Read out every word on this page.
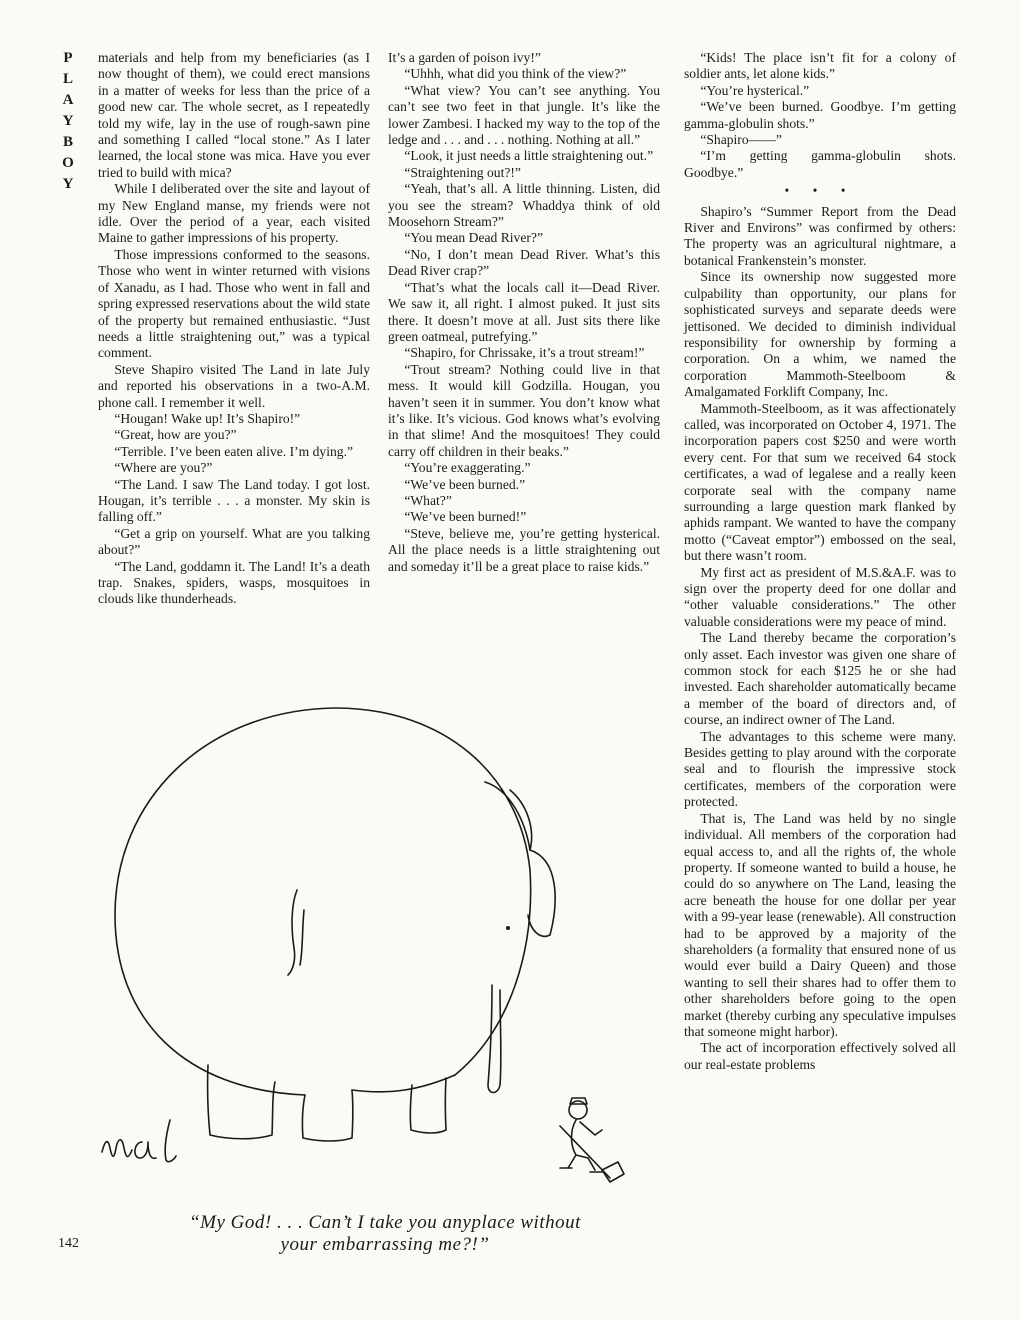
P
L
A
Y
B
O
Y

materials and help from my beneficiaries (as I now thought of them), we could erect mansions in a matter of weeks for less than the price of a good new car. The whole secret, as I repeatedly told my wife, lay in the use of rough-sawn pine and something I called “local stone.” As I later learned, the local stone was mica. Have you ever tried to build with mica?

While I deliberated over the site and layout of my New England manse, my friends were not idle. Over the period of a year, each visited Maine to gather impressions of his property.

Those impressions conformed to the seasons. Those who went in winter returned with visions of Xanadu, as I had. Those who went in fall and spring expressed reservations about the wild state of the property but remained enthusiastic. “Just needs a little straightening out,” was a typical comment.

Steve Shapiro visited The Land in late July and reported his observations in a two-A.M. phone call. I remember it well.

“Hougan! Wake up! It’s Shapiro!”

“Great, how are you?”

“Terrible. I’ve been eaten alive. I’m dying.”

“Where are you?”

“The Land. I saw The Land today. I got lost. Hougan, it’s terrible . . . a monster. My skin is falling off.”

“Get a grip on yourself. What are you talking about?”

“The Land, goddamn it. The Land! It’s a death trap. Snakes, spiders, wasps, mosquitoes in clouds like thunderheads.

It’s a garden of poison ivy!”

“Uhhh, what did you think of the view?”

“What view? You can’t see anything. You can’t see two feet in that jungle. It’s like the lower Zambesi. I hacked my way to the top of the ledge and . . . and . . . nothing. Nothing at all.”

“Look, it just needs a little straightening out.”

“Straightening out?!”

“Yeah, that’s all. A little thinning. Listen, did you see the stream? Whaddya think of old Moosehorn Stream?”

“You mean Dead River?”

“No, I don’t mean Dead River. What’s this Dead River crap?”

“That’s what the locals call it—Dead River. We saw it, all right. I almost puked. It just sits there. It doesn’t move at all. Just sits there like green oatmeal, putrefying.”

“Shapiro, for Chrissake, it’s a trout stream!”

“Trout stream? Nothing could live in that mess. It would kill Godzilla. Hougan, you haven’t seen it in summer. You don’t know what it’s like. It’s vicious. God knows what’s evolving in that slime! And the mosquitoes! They could carry off children in their beaks.”

“You’re exaggerating.”

“We’ve been burned.”

“What?”

“We’ve been burned!”

“Steve, believe me, you’re getting hysterical. All the place needs is a little straightening out and someday it’ll be a great place to raise kids.”

“Kids! The place isn’t fit for a colony of soldier ants, let alone kids.”

“You’re hysterical.”

“We’ve been burned. Goodbye. I’m getting gamma-globulin shots.”

“Shapiro——”

“I’m getting gamma-globulin shots. Goodbye.”

• • •

Shapiro’s “Summer Report from the Dead River and Environs” was confirmed by others: The property was an agricultural nightmare, a botanical Frankenstein’s monster.

Since its ownership now suggested more culpability than opportunity, our plans for sophisticated surveys and separate deeds were jettisoned. We decided to diminish individual responsibility for ownership by forming a corporation. On a whim, we named the corporation Mammoth-Steelboom & Amalgamated Forklift Company, Inc.

Mammoth-Steelboom, as it was affectionately called, was incorporated on October 4, 1971. The incorporation papers cost $250 and were worth every cent. For that sum we received 64 stock certificates, a wad of legalese and a really keen corporate seal with the company name surrounding a large question mark flanked by aphids rampant. We wanted to have the company motto (“Caveat emptor”) embossed on the seal, but there wasn’t room.

My first act as president of M.S.&A.F. was to sign over the property deed for one dollar and “other valuable considerations.” The other valuable considerations were my peace of mind.

The Land thereby became the corporation’s only asset. Each investor was given one share of common stock for each $125 he or she had invested. Each shareholder automatically became a member of the board of directors and, of course, an indirect owner of The Land.

The advantages to this scheme were many. Besides getting to play around with the corporate seal and to flourish the impressive stock certificates, members of the corporation were protected.

That is, The Land was held by no single individual. All members of the corporation had equal access to, and all the rights of, the whole property. If someone wanted to build a house, he could do so anywhere on The Land, leasing the acre beneath the house for one dollar per year with a 99-year lease (renewable). All construction had to be approved by a majority of the shareholders (a formality that ensured none of us would ever build a Dairy Queen) and those wanting to sell their shares had to offer them to other shareholders before going to the open market (thereby curbing any speculative impulses that someone might harbor).

The act of incorporation effectively solved all our real-estate problems

“My God! . . . Can’t I take you anyplace without
your embarrassing me?!”
142
